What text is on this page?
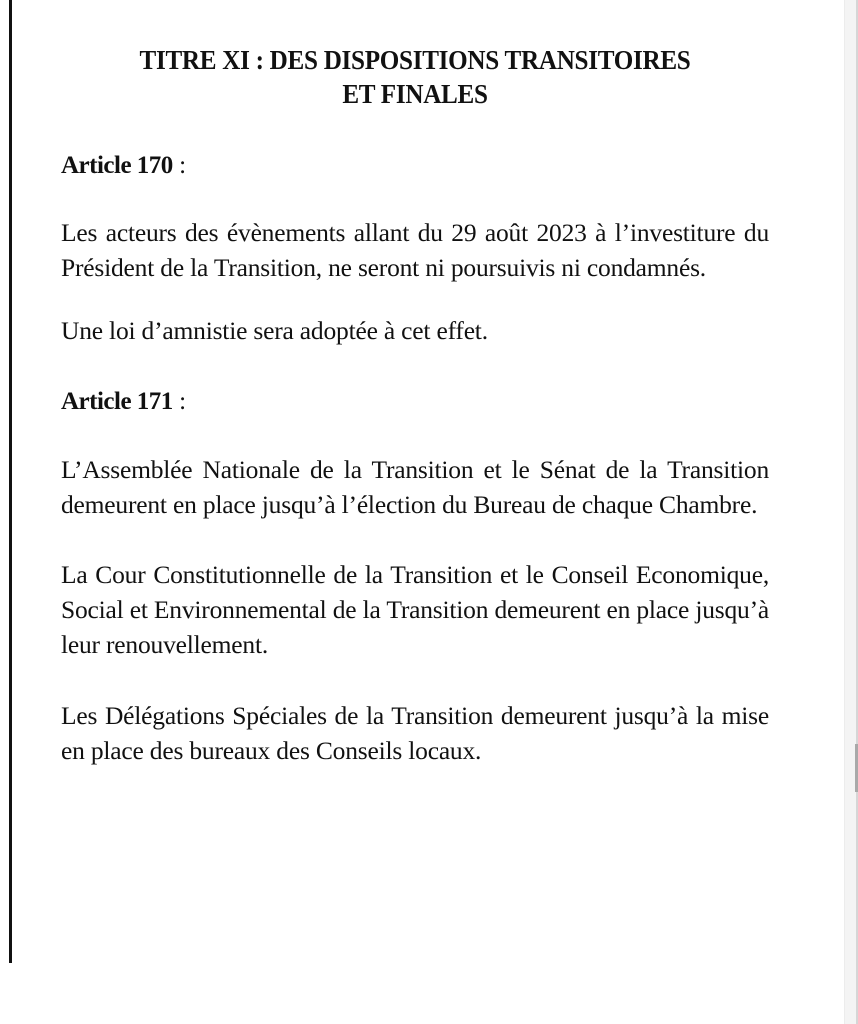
TITRE XI : DES DISPOSITIONS TRANSITOIRES
ET FINALES
Article 170 :

Les acteurs des évènements allant du 29 août 2023 à l’investiture du Président de la Transition, ne seront ni poursuivis ni condamnés.

Une loi d’amnistie sera adoptée à cet effet.

Article 171 :

L’Assemblée Nationale de la Transition et le Sénat de la Transition demeurent en place jusqu’à l’élection du Bureau de chaque Chambre.

La Cour Constitutionnelle de la Transition et le Conseil Economique, Social et Environnemental de la Transition demeurent en place jusqu’à leur renouvellement.

Les Délégations Spéciales de la Transition demeurent jusqu’à la mise en place des bureaux des Conseils locaux.
